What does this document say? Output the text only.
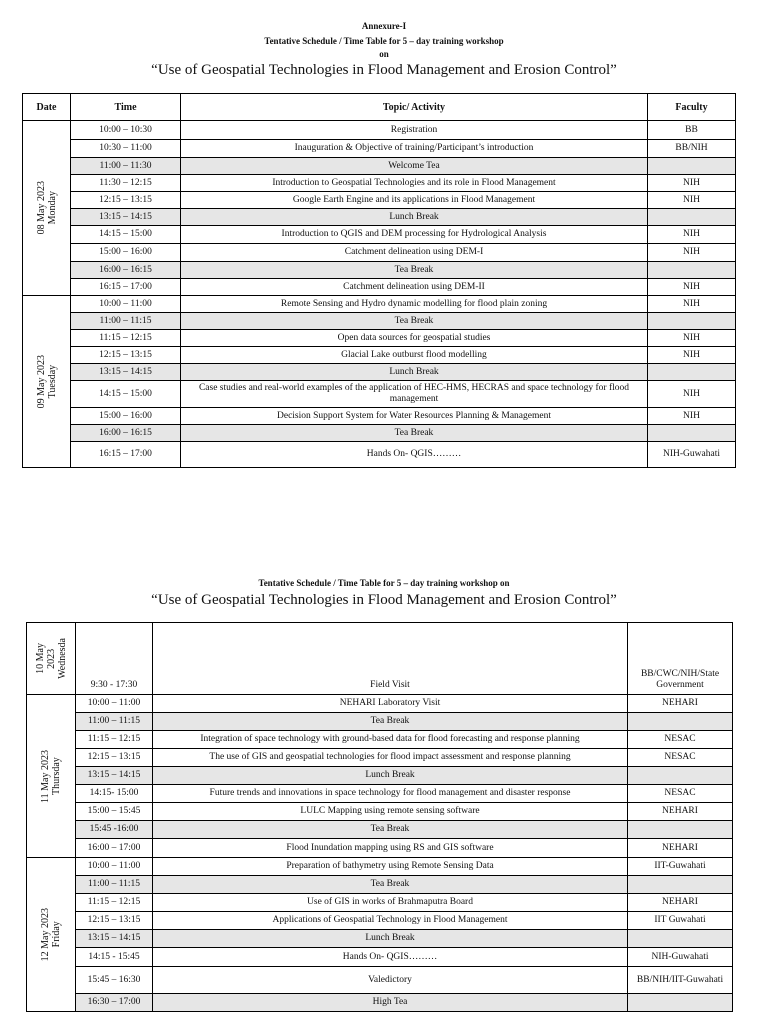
Annexure-I
Tentative Schedule / Time Table for 5 – day training workshop
on
“Use of Geospatial Technologies in Flood Management and Erosion Control”
Date	Time	Topic/ Activity	Faculty

08 May 2023
Monday	10:00 – 10:30	Registration	BB
	10:30 – 11:00	Inauguration & Objective of training/Participant’s introduction	BB/NIH
	11:00 – 11:30	Welcome Tea	
	11:30 – 12:15	Introduction to Geospatial Technologies and its role in Flood Management	NIH
	12:15 – 13:15	Google Earth Engine and its applications in Flood Management	NIH
	13:15 – 14:15	Lunch Break	
	14:15 – 15:00	Introduction to QGIS and DEM processing for Hydrological Analysis	NIH
	15:00 – 16:00	Catchment delineation using DEM-I	NIH
	16:00 – 16:15	Tea Break	
	16:15 – 17:00	Catchment delineation using DEM-II	NIH

09 May 2023
Tuesday	10:00 – 11:00	Remote Sensing and Hydro dynamic modelling for flood plain zoning	NIH
	11:00 – 11:15	Tea Break	
	11:15 – 12:15	Open data sources for geospatial studies	NIH
	12:15 – 13:15	Glacial Lake outburst flood modelling	NIH
	13:15 – 14:15	Lunch Break	
	14:15 – 15:00	Case studies and real-world examples of the application of HEC-HMS, HECRAS and space technology for flood management	NIH
	15:00 – 16:00	Decision Support System for Water Resources Planning & Management	NIH
	16:00 – 16:15	Tea Break	
	16:15 – 17:00	Hands On- QGIS………	NIH-Guwahati
Tentative Schedule / Time Table for 5 – day training workshop on
“Use of Geospatial Technologies in Flood Management and Erosion Control”
10 May
2023
Wednesda	9:30 - 17:30	Field Visit	BB/CWC/NIH/State Government

11 May 2023
Thursday	10:00 – 11:00	NEHARI Laboratory Visit	NEHARI
	11:00 – 11:15	Tea Break	
	11:15 – 12:15	Integration of space technology with ground-based data for flood forecasting and response planning	NESAC
	12:15 – 13:15	The use of GIS and geospatial technologies for flood impact assessment and response planning	NESAC
	13:15 – 14:15	Lunch Break	
	14:15- 15:00	Future trends and innovations in space technology for flood management and disaster response	NESAC
	15:00 – 15:45	LULC Mapping using remote sensing software	NEHARI
	15:45 -16:00	Tea Break	
	16:00 – 17:00	Flood Inundation mapping using RS and GIS software	NEHARI

12 May 2023
Friday	10:00 – 11:00	Preparation of bathymetry using Remote Sensing Data	IIT-Guwahati
	11:00 – 11:15	Tea Break	
	11:15 – 12:15	Use of GIS in works of Brahmaputra Board	NEHARI
	12:15 – 13:15	Applications of Geospatial Technology in Flood Management	IIT Guwahati
	13:15 – 14:15	Lunch Break	
	14:15 - 15:45	Hands On- QGIS………	NIH-Guwahati
	15:45 – 16:30	Valedictory	BB/NIH/IIT-Guwahati
	16:30 – 17:00	High Tea	
